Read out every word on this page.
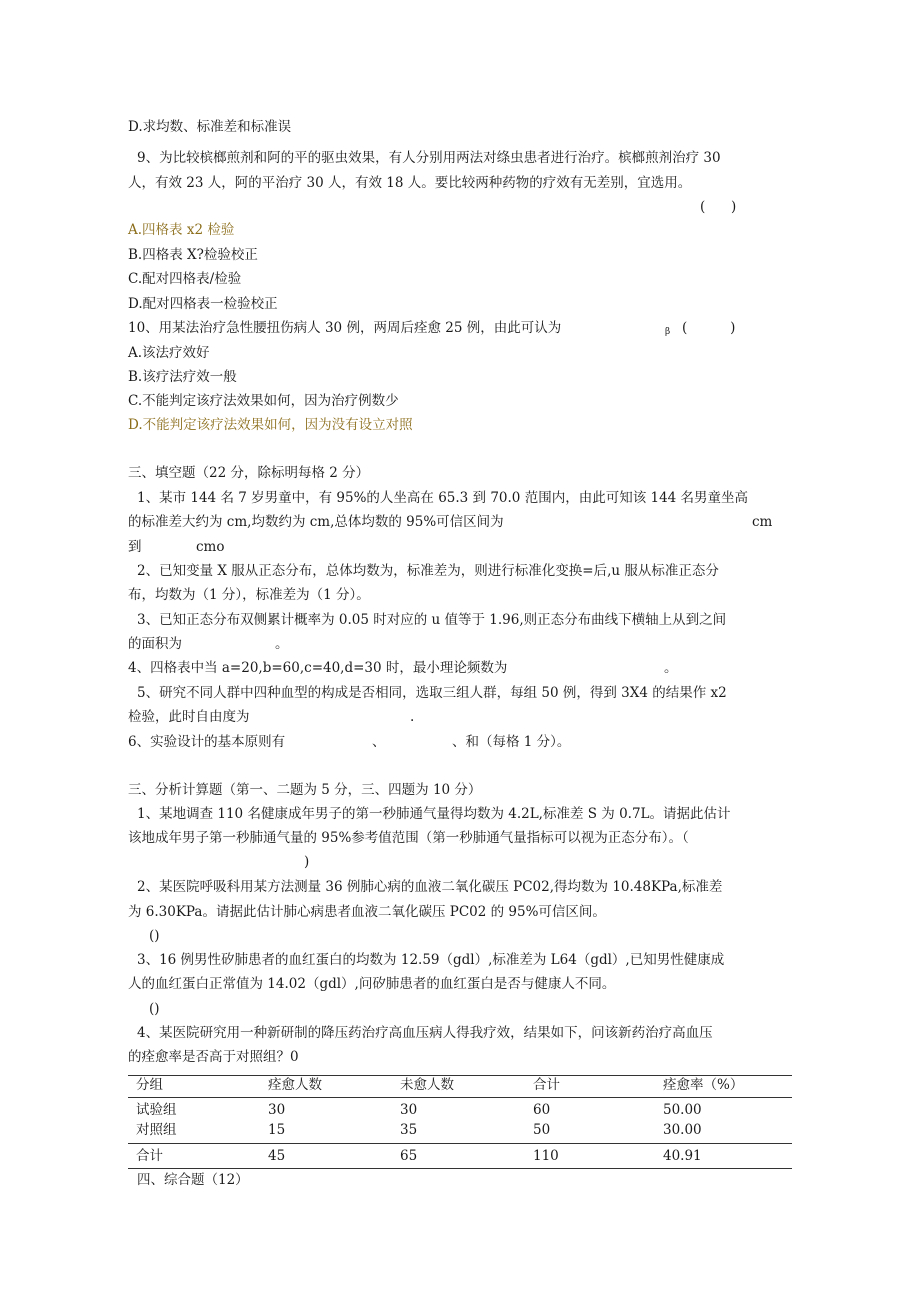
D.求均数、标准差和标准误
9、为比较槟榔煎剂和阿的平的驱虫效果，有人分别用两法对绦虫患者进行治疗。槟榔煎剂治疗 30
人，有效 23 人，阿的平治疗 30 人，有效 18 人。要比较两种药物的疗效有无差别，宜选用。
(      )
A.四格表 x2 检验
B.四格表 X?检验校正
C.配对四格表/检验
D.配对四格表一检验校正
10、用某法治疗急性腰扭伤病人 30 例，两周后痊愈 25 例，由此可认为	β (          )
A.该法疗效好
B.该疗法疗效一般
C.不能判定该疗法效果如何，因为治疗例数少
D.不能判定该疗法效果如何，因为没有设立对照
三、填空题（22 分，除标明每格 2 分）
1、某市 144 名 7 岁男童中，有 95%的人坐高在 65.3 到 70.0 范围内，由此可知该 144 名男童坐高
的标准差大约为 cm,均数约为 cm,总体均数的 95%可信区间为	cm
到	cmo
2、已知变量 X 服从正态分布，总体均数为，标准差为，则进行标准化变换=后,u 服从标准正态分
布，均数为（1 分），标准差为（1 分）。
3、已知正态分布双侧累计概率为 0.05 时对应的 u 值等于 1.96,则正态分布曲线下横轴上从到之间
的面积为	。
4、四格表中当 a=20,b=60,c=40,d=30 时，最小理论频数为	。
5、研究不同人群中四种血型的构成是否相同，选取三组人群，每组 50 例，得到 3X4 的结果作 x2
检验，此时自由度为	.
6、实验设计的基本原则有	、	、和（每格 1 分）。
三、分析计算题（第一、二题为 5 分，三、四题为 10 分）
1、某地调查 110 名健康成年男子的第一秒肺通气量得均数为 4.2L,标准差 S 为 0.7L。请据此估计
该地成年男子第一秒肺通气量的 95%参考值范围（第一秒肺通气量指标可以视为正态分布）。（
)
2、某医院呼吸科用某方法测量 36 例肺心病的血液二氧化碳压 PC02,得均数为 10.48KPa,标准差
为 6.30KPa。请据此估计肺心病患者血液二氧化碳压 PC02 的 95%可信区间。
()
3、16 例男性矽肺患者的血红蛋白的均数为 12.59（gdl）,标准差为 L64（gdl）,已知男性健康成
人的血红蛋白正常值为 14.02（gdl）,问矽肺患者的血红蛋白是否与健康人不同。
()
4、某医院研究用一种新研制的降压药治疗高血压病人得我疗效，结果如下，问该新药治疗高血压
的痊愈率是否高于对照组？0
分组	痊愈人数	未愈人数	合计	痊愈率（%）
试验组	30	30	60	50.00
对照组	15	35	50	30.00
合计	45	65	110	40.91
四、综合题（12）
